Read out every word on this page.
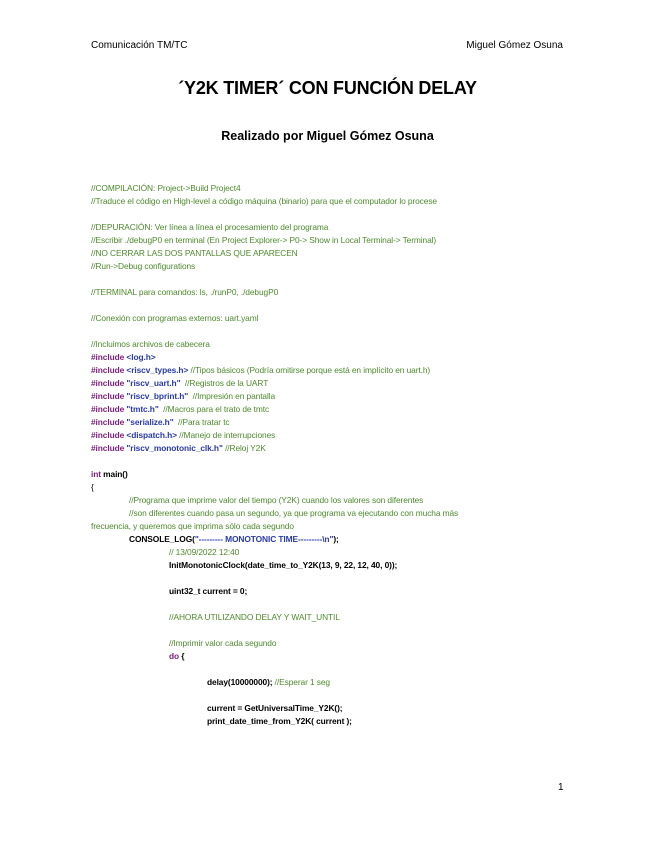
Comunicación TM/TC	Miguel Gómez Osuna
´Y2K TIMER´ CON FUNCIÓN DELAY
Realizado por Miguel Gómez Osuna
//COMPILACIÓN: Project->Build Project4
//Traduce el código en High-level a código máquina (binario) para que el computador lo procese
//DEPURACIÓN: Ver línea a línea el procesamiento del programa
//Escribir ./debugP0 en terminal (En Project Explorer-> P0-> Show in Local Terminal-> Terminal)
//NO CERRAR LAS DOS PANTALLAS QUE APARECEN
//Run->Debug configurations
//TERMINAL para comandos: ls, ./runP0, ./debugP0
//Conexión con programas externos: uart.yaml
//Incluimos archivos de cabecera
#include <log.h>
#include <riscv_types.h> //Tipos básicos (Podría omitirse porque está en implícito en uart.h)
#include "riscv_uart.h" //Registros de la UART
#include "riscv_bprint.h" //Impresión en pantalla
#include "tmtc.h" //Macros para el trato de tmtc
#include "serialize.h" //Para tratar tc
#include <dispatch.h> //Manejo de interrupciones
#include "riscv_monotonic_clk.h" //Reloj Y2K
int main()
{
//Programa que imprime valor del tiempo (Y2K) cuando los valores son diferentes
//son diferentes cuando pasa un segundo, ya que programa va ejecutando con mucha más
frecuencia, y queremos que imprima sólo cada segundo
CONSOLE_LOG("--------- MONOTONIC TIME---------\n");
// 13/09/2022 12:40
InitMonotonicClock(date_time_to_Y2K(13, 9, 22, 12, 40, 0));
uint32_t current = 0;
//AHORA UTILIZANDO DELAY Y WAIT_UNTIL
//Imprimir valor cada segundo
do {
delay(10000000); //Esperar 1 seg
current = GetUniversalTime_Y2K();
print_date_time_from_Y2K( current );
1
